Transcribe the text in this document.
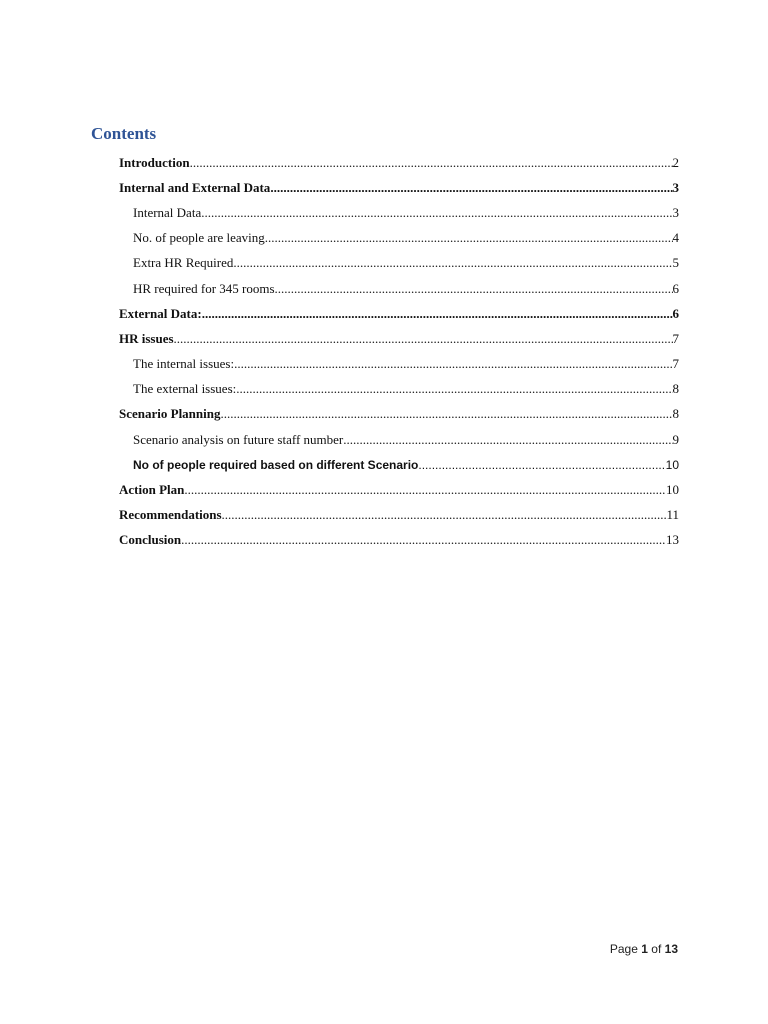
Contents
Introduction .....	2
Internal and External Data .....	3
Internal Data .....	3
No. of people are leaving .....	4
Extra HR Required .....	5
HR required for 345 rooms .....	6
External Data: .....	6
HR issues .....	7
The internal issues: .....	7
The external issues: .....	8
Scenario Planning .....	8
Scenario analysis on future staff number .....	9
No of people required based on different Scenario .....	10
Action Plan .....	10
Recommendations .....	11
Conclusion .....	13
Page 1 of 13
